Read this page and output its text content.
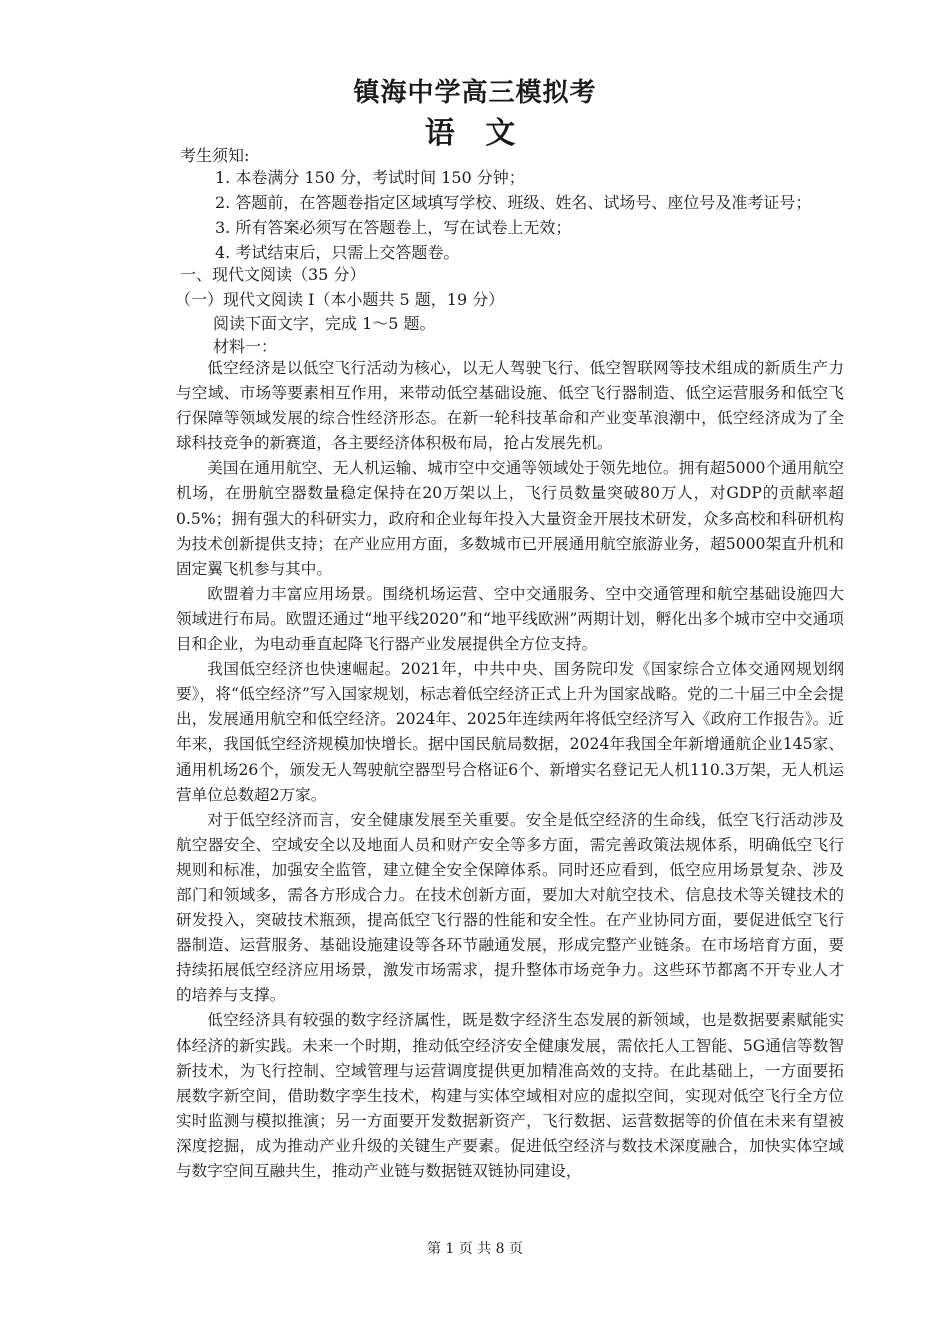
镇海中学高三模拟考
语 文
考生须知:
1. 本卷满分 150 分，考试时间 150 分钟；
2. 答题前，在答题卷指定区域填写学校、班级、姓名、试场号、座位号及准考证号；
3. 所有答案必须写在答题卷上，写在试卷上无效；
4. 考试结束后，只需上交答题卷。
一、现代文阅读（35 分）
（一）现代文阅读 I（本小题共 5 题，19 分）
阅读下面文字，完成 1～5 题。
材料一：

低空经济是以低空飞行活动为核心，以无人驾驶飞行、低空智联网等技术组成的新质生产力与空域、市场等要素相互作用，来带动低空基础设施、低空飞行器制造、低空运营服务和低空飞行保障等领域发展的综合性经济形态。在新一轮科技革命和产业变革浪潮中，低空经济成为了全球科技竞争的新赛道，各主要经济体积极布局，抢占发展先机。

美国在通用航空、无人机运输、城市空中交通等领域处于领先地位。拥有超5000个通用航空机场，在册航空器数量稳定保持在20万架以上，飞行员数量突破80万人，对GDP的贡献率超0.5%；拥有强大的科研实力，政府和企业每年投入大量资金开展技术研发，众多高校和科研机构为技术创新提供支持；在产业应用方面，多数城市已开展通用航空旅游业务，超5000架直升机和固定翼飞机参与其中。

欧盟着力丰富应用场景。围绕机场运营、空中交通服务、空中交通管理和航空基础设施四大领域进行布局。欧盟还通过“地平线2020”和“地平线欧洲”两期计划，孵化出多个城市空中交通项目和企业，为电动垂直起降飞行器产业发展提供全方位支持。

我国低空经济也快速崛起。2021年，中共中央、国务院印发《国家综合立体交通网规划纲要》，将“低空经济”写入国家规划，标志着低空经济正式上升为国家战略。党的二十届三中全会提出，发展通用航空和低空经济。2024年、2025年连续两年将低空经济写入《政府工作报告》。近年来，我国低空经济规模加快增长。据中国民航局数据，2024年我国全年新增通航企业145家、通用机场26个，颁发无人驾驶航空器型号合格证6个、新增实名登记无人机110.3万架，无人机运营单位总数超2万家。

对于低空经济而言，安全健康发展至关重要。安全是低空经济的生命线，低空飞行活动涉及航空器安全、空域安全以及地面人员和财产安全等多方面，需完善政策法规体系，明确低空飞行规则和标准，加强安全监管，建立健全安全保障体系。同时还应看到，低空应用场景复杂、涉及部门和领域多，需各方形成合力。在技术创新方面，要加大对航空技术、信息技术等关键技术的研发投入，突破技术瓶颈，提高低空飞行器的性能和安全性。在产业协同方面，要促进低空飞行器制造、运营服务、基础设施建设等各环节融通发展，形成完整产业链条。在市场培育方面，要持续拓展低空经济应用场景，激发市场需求，提升整体市场竞争力。这些环节都离不开专业人才的培养与支撑。

低空经济具有较强的数字经济属性，既是数字经济生态发展的新领域，也是数据要素赋能实体经济的新实践。未来一个时期，推动低空经济安全健康发展，需依托人工智能、5G通信等数智新技术，为飞行控制、空域管理与运营调度提供更加精准高效的支持。在此基础上，一方面要拓展数字新空间，借助数字孪生技术，构建与实体空域相对应的虚拟空间，实现对低空飞行全方位实时监测与模拟推演；另一方面要开发数据新资产，飞行数据、运营数据等的价值在未来有望被深度挖掘，成为推动产业升级的关键生产要素。促进低空经济与数技术深度融合，加快实体空域与数字空间互融共生，推动产业链与数据链双链协同建设，

第 1 页 共 8 页
